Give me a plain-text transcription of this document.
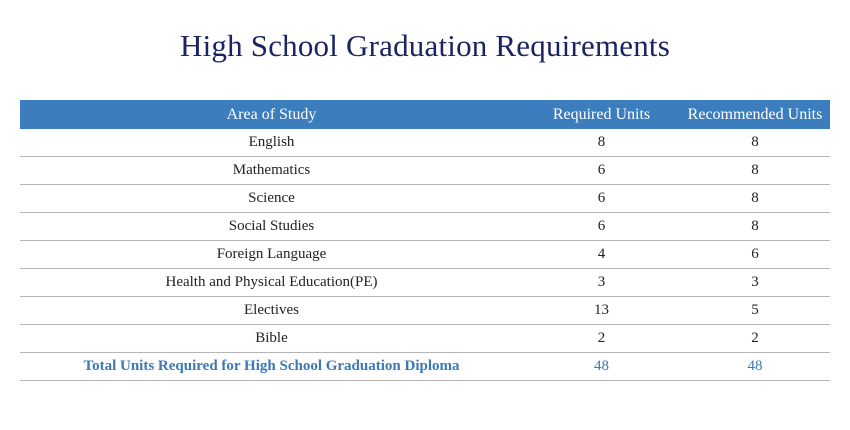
High School Graduation Requirements
Area of Study	Required Units	Recommended Units
English	8	8
Mathematics	6	8
Science	6	8
Social Studies	6	8
Foreign Language	4	6
Health and Physical Education(PE)	3	3
Electives	13	5
Bible	2	2
Total Units Required for High School Graduation Diploma	48	48
